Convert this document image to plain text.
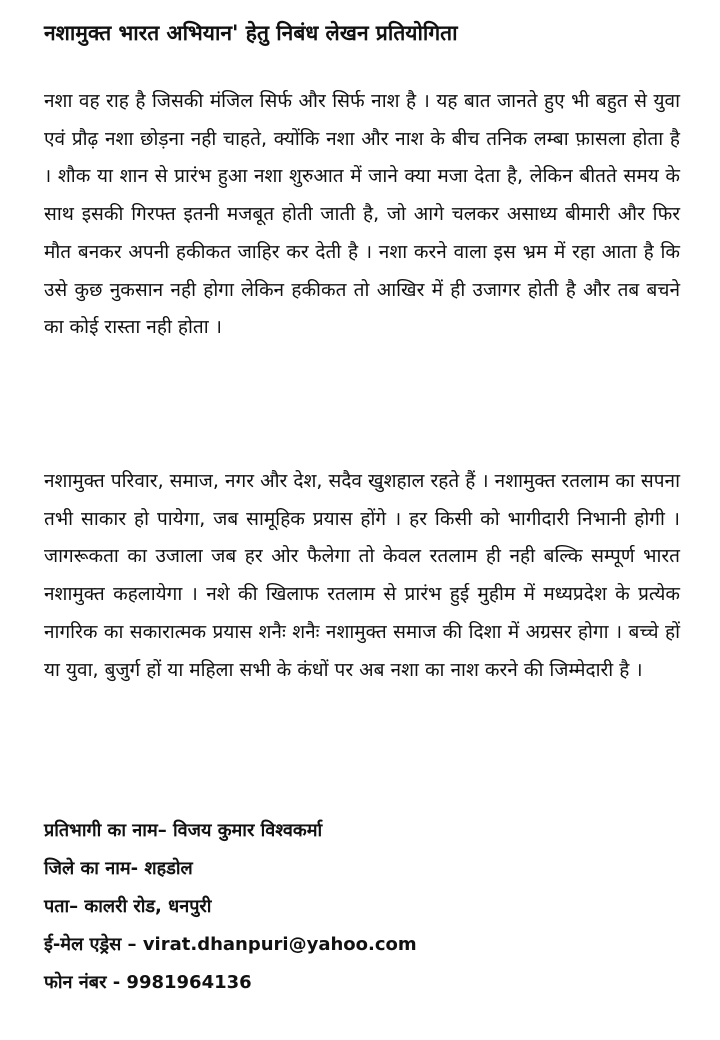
नशामुक्त भारत अभियान' हेतु निबंध लेखन प्रतियोगिता

नशा वह राह है जिसकी मंजिल सिर्फ और सिर्फ नाश है । यह बात जानते हुए भी बहुत से युवा एवं प्रौढ़ नशा छोड़ना नही चाहते, क्योंकि नशा और नाश के बीच तनिक लम्बा फ़ासला होता है । शौक या शान से प्रारंभ हुआ नशा शुरुआत में जाने क्या मजा देता है, लेकिन बीतते समय के साथ इसकी गिरफ्त इतनी मजबूत होती जाती है, जो आगे चलकर असाध्य बीमारी और फिर मौत बनकर अपनी हकीकत जाहिर कर देती है । नशा करने वाला इस भ्रम में रहा आता है कि उसे कुछ नुकसान नही होगा लेकिन हकीकत तो आखिर में ही उजागर होती है और तब बचने का कोई रास्ता नही होता ।

नशामुक्त परिवार, समाज, नगर और देश, सदैव खुशहाल रहते हैं । नशामुक्त रतलाम का सपना तभी साकार हो पायेगा, जब सामूहिक प्रयास होंगे । हर किसी को भागीदारी निभानी होगी । जागरूकता का उजाला जब हर ओर फैलेगा तो केवल रतलाम ही नही बल्कि सम्पूर्ण भारत नशामुक्त कहलायेगा । नशे की खिलाफ रतलाम से प्रारंभ हुई मुहीम में मध्यप्रदेश के प्रत्येक नागरिक का सकारात्मक प्रयास शनैः शनैः नशामुक्त समाज की दिशा में अग्रसर होगा । बच्चे हों या युवा, बुजुर्ग हों या महिला सभी के कंधों पर अब नशा का नाश करने की जिम्मेदारी है ।

प्रतिभागी का नाम– विजय कुमार विश्वकर्मा
जिले का नाम- शहडोल
पता– कालरी रोड, धनपुरी
ई-मेल एड्रेस – virat.dhanpuri@yahoo.com
फोन नंबर - 9981964136
